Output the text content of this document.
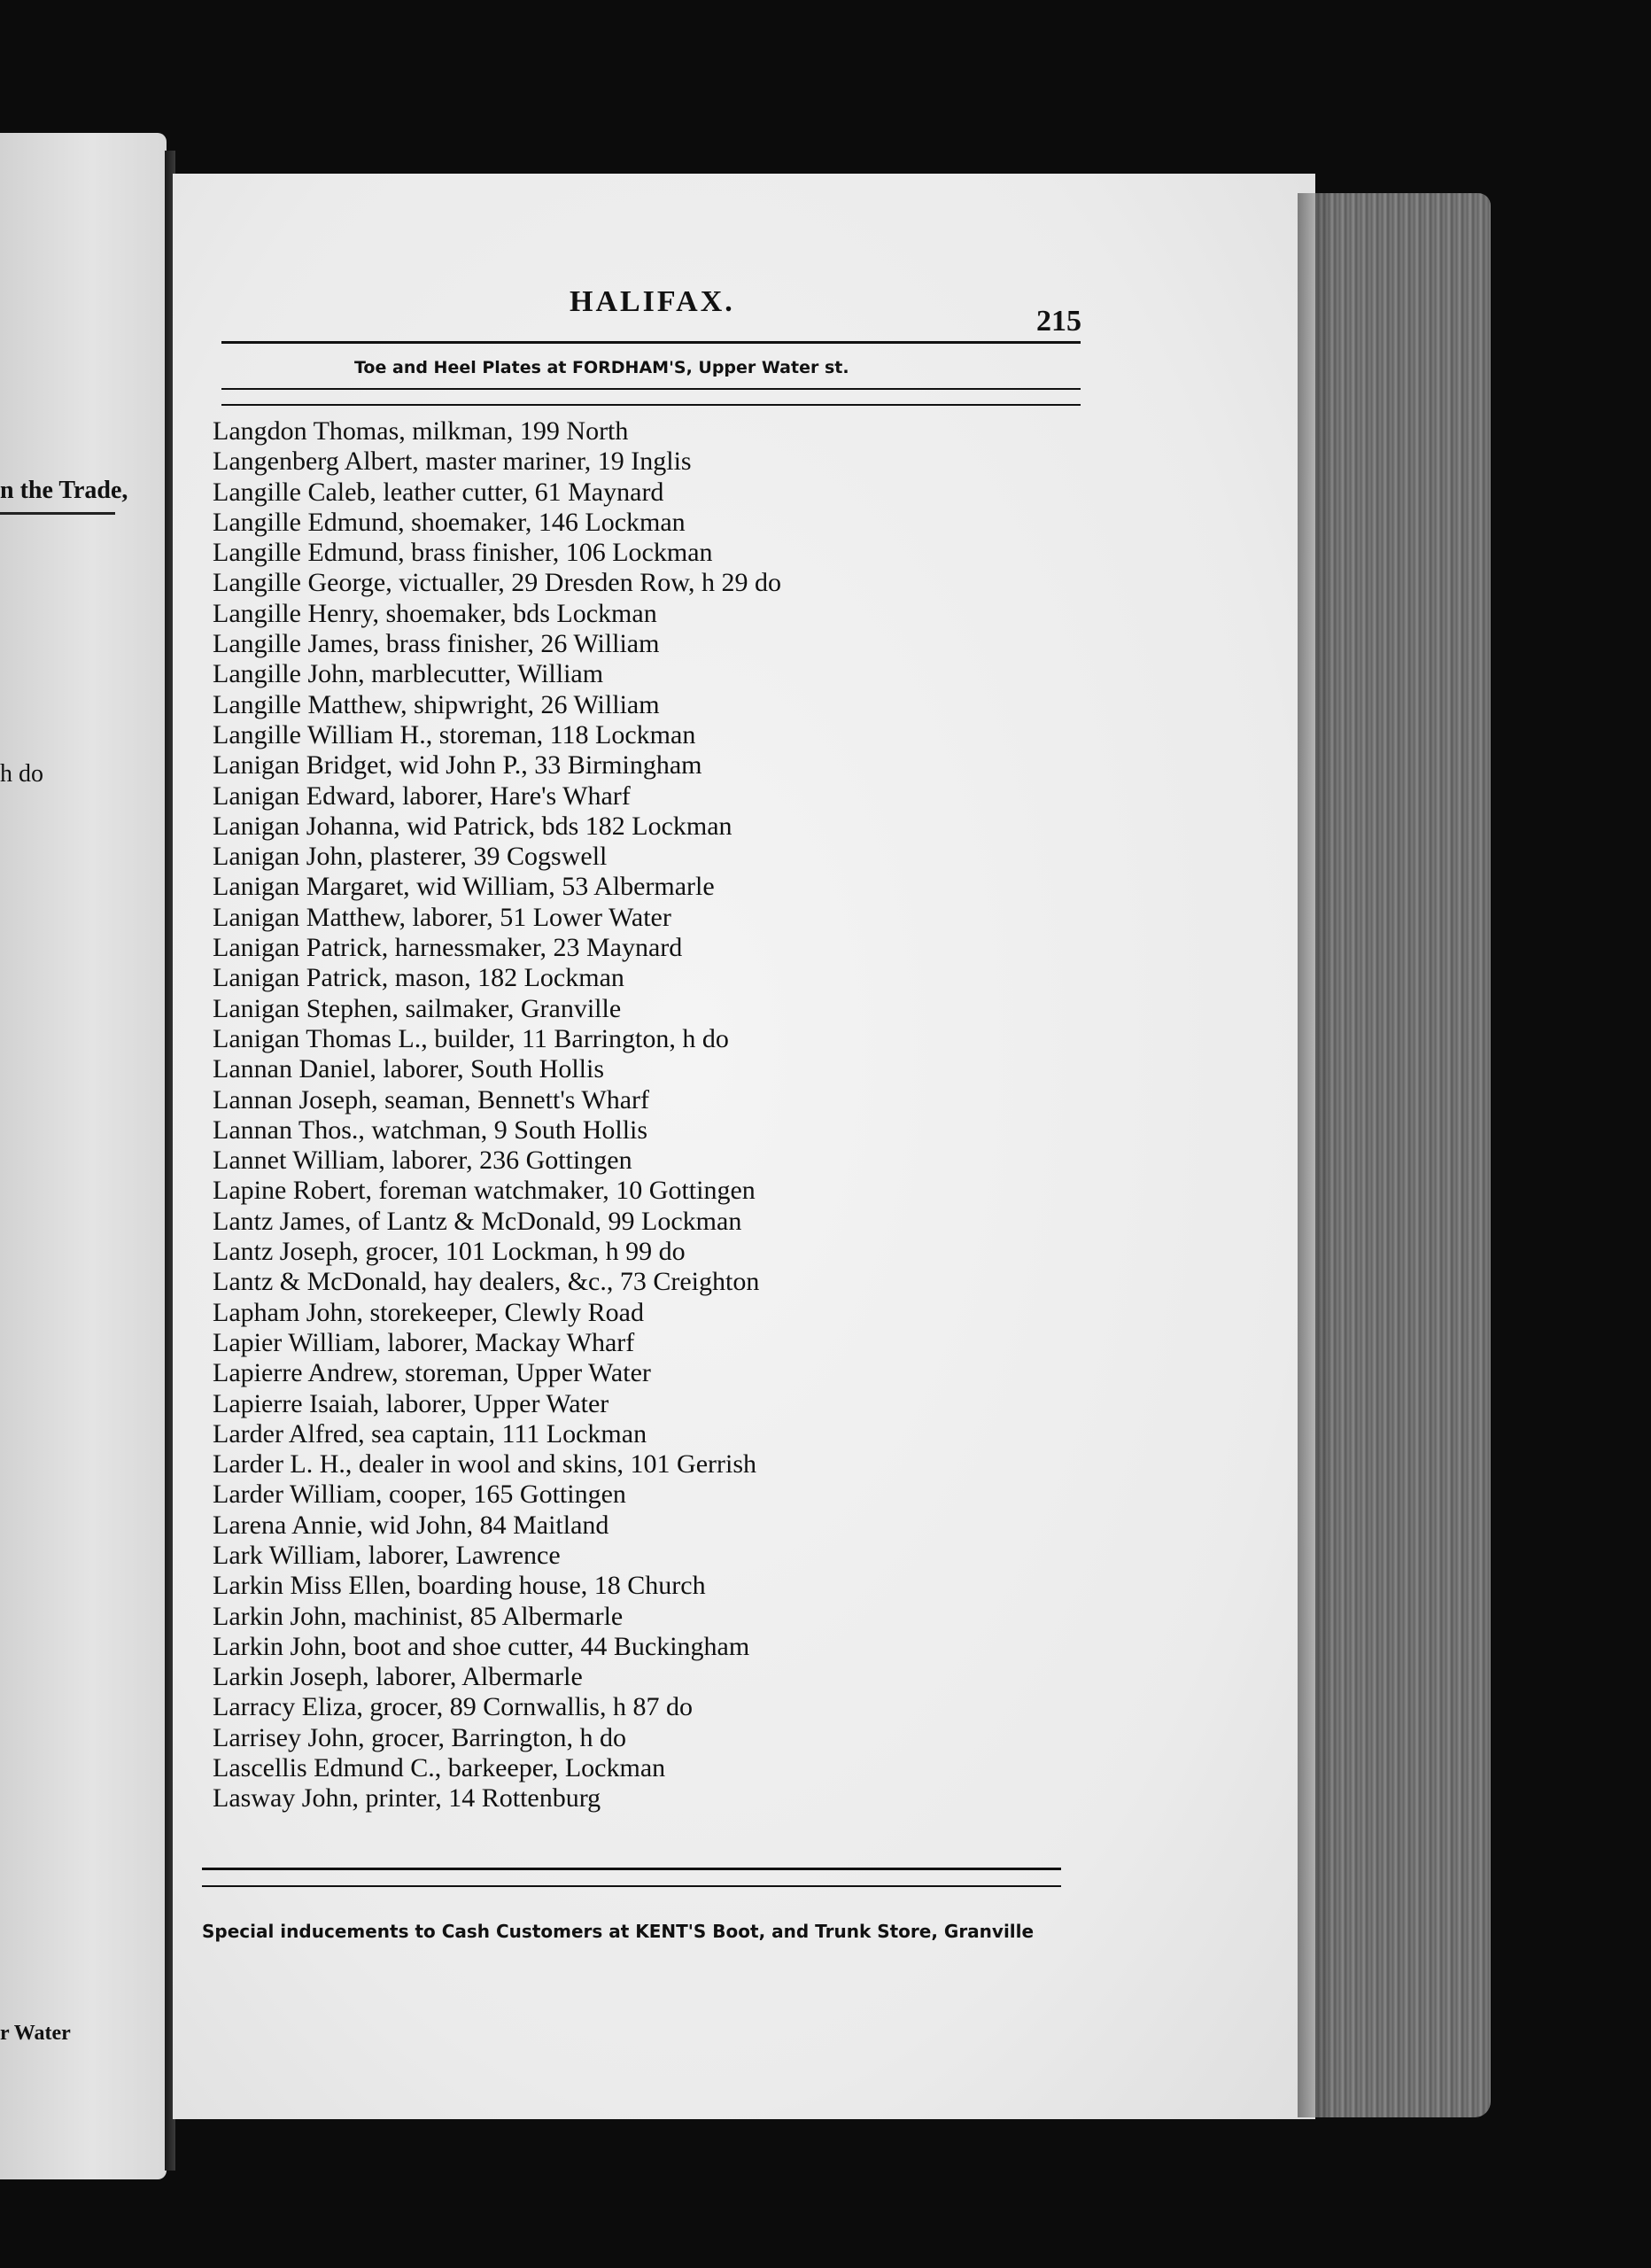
n the Trade,
h do
r Water
HALIFAX.
215
Toe and Heel Plates at FORDHAM'S, Upper Water st.
Langdon Thomas, milkman, 199 North
Langenberg Albert, master mariner, 19 Inglis
Langille Caleb, leather cutter, 61 Maynard
Langille Edmund, shoemaker, 146 Lockman
Langille Edmund, brass finisher, 106 Lockman
Langille George, victualler, 29 Dresden Row, h 29 do
Langille Henry, shoemaker, bds Lockman
Langille James, brass finisher, 26 William
Langille John, marblecutter, William
Langille Matthew, shipwright, 26 William
Langille William H., storeman, 118 Lockman
Lanigan Bridget, wid John P., 33 Birmingham
Lanigan Edward, laborer, Hare's Wharf
Lanigan Johanna, wid Patrick, bds 182 Lockman
Lanigan John, plasterer, 39 Cogswell
Lanigan Margaret, wid William, 53 Albermarle
Lanigan Matthew, laborer, 51 Lower Water
Lanigan Patrick, harnessmaker, 23 Maynard
Lanigan Patrick, mason, 182 Lockman
Lanigan Stephen, sailmaker, Granville
Lanigan Thomas L., builder, 11 Barrington, h do
Lannan Daniel, laborer, South Hollis
Lannan Joseph, seaman, Bennett's Wharf
Lannan Thos., watchman, 9 South Hollis
Lannet William, laborer, 236 Gottingen
Lapine Robert, foreman watchmaker, 10 Gottingen
Lantz James, of Lantz & McDonald, 99 Lockman
Lantz Joseph, grocer, 101 Lockman, h 99 do
Lantz & McDonald, hay dealers, &c., 73 Creighton
Lapham John, storekeeper, Clewly Road
Lapier William, laborer, Mackay Wharf
Lapierre Andrew, storeman, Upper Water
Lapierre Isaiah, laborer, Upper Water
Larder Alfred, sea captain, 111 Lockman
Larder L. H., dealer in wool and skins, 101 Gerrish
Larder William, cooper, 165 Gottingen
Larena Annie, wid John, 84 Maitland
Lark William, laborer, Lawrence
Larkin Miss Ellen, boarding house, 18 Church
Larkin John, machinist, 85 Albermarle
Larkin John, boot and shoe cutter, 44 Buckingham
Larkin Joseph, laborer, Albermarle
Larracy Eliza, grocer, 89 Cornwallis, h 87 do
Larrisey John, grocer, Barrington, h do
Lascellis Edmund C., barkeeper, Lockman
Lasway John, printer, 14 Rottenburg
Special inducements to Cash Customers at KENT'S Boot, and Trunk Store, Granville
